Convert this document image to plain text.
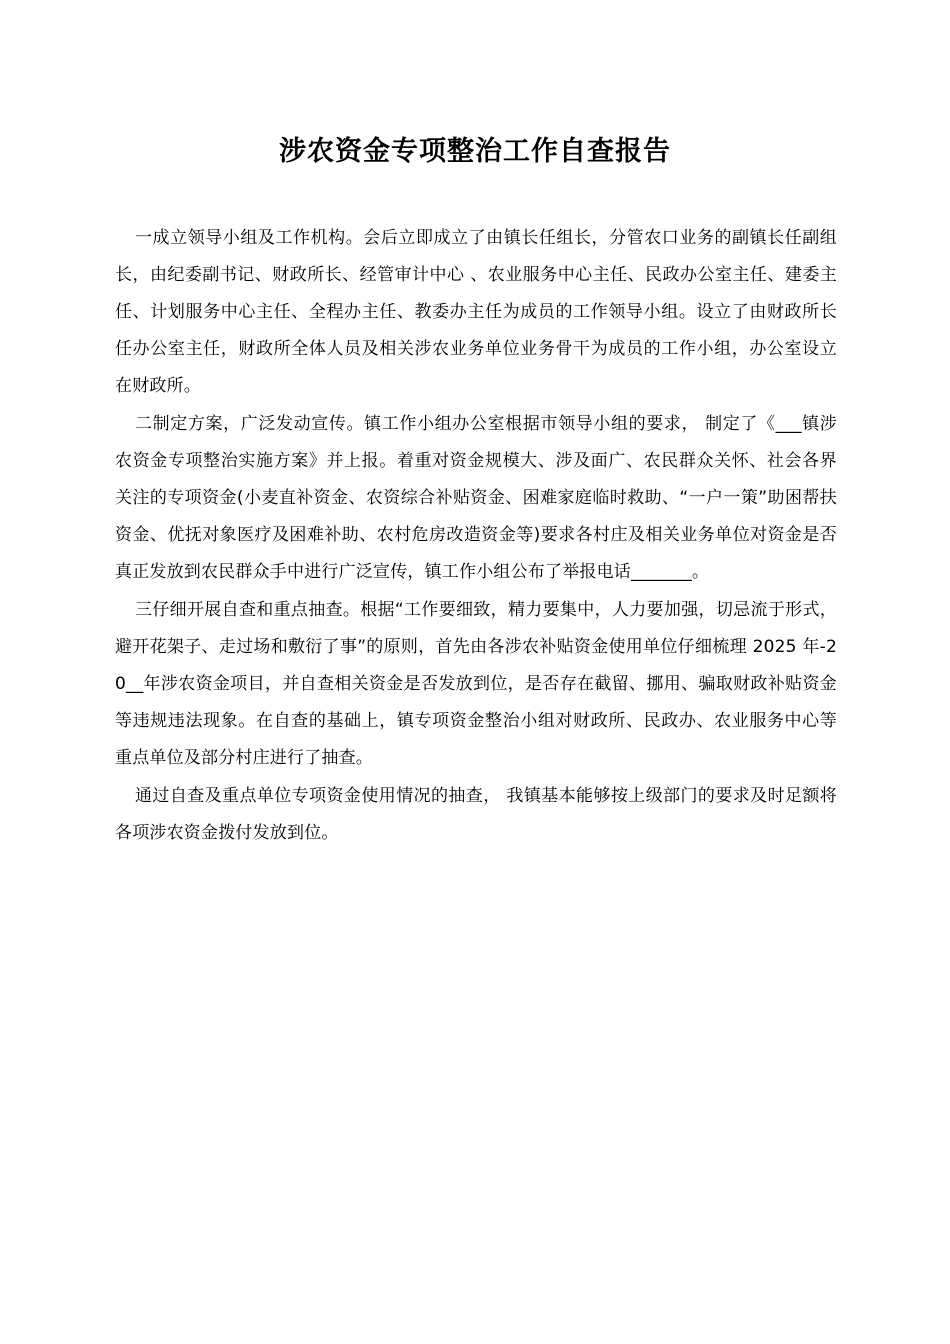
涉农资金专项整治工作自查报告

一成立领导小组及工作机构。会后立即成立了由镇长任组长，分管农口业务的副镇长任副组长，由纪委副书记、财政所长、经管审计中心 、农业服务中心主任、民政办公室主任、建委主任、计划服务中心主任、全程办主任、教委办主任为成员的工作领导小组。设立了由财政所长任办公室主任，财政所全体人员及相关涉农业务单位业务骨干为成员的工作小组，办公室设立在财政所。

二制定方案，广泛发动宣传。镇工作小组办公室根据市领导小组的要求， 制定了《___镇涉农资金专项整治实施方案》并上报。着重对资金规模大、涉及面广、农民群众关怀、社会各界关注的专项资金(小麦直补资金、农资综合补贴资金、困难家庭临时救助、“一户一策”助困帮扶资金、优抚对象医疗及困难补助、农村危房改造资金等)要求各村庄及相关业务单位对资金是否真正发放到农民群众手中进行广泛宣传，镇工作小组公布了举报电话_______。

三仔细开展自查和重点抽查。根据“工作要细致，精力要集中，人力要加强，切忌流于形式，避开花架子、走过场和敷衍了事”的原则，首先由各涉农补贴资金使用单位仔细梳理 2025 年-20__年涉农资金项目，并自查相关资金是否发放到位，是否存在截留、挪用、骗取财政补贴资金等违规违法现象。在自查的基础上，镇专项资金整治小组对财政所、民政办、农业服务中心等重点单位及部分村庄进行了抽查。

通过自查及重点单位专项资金使用情况的抽查， 我镇基本能够按上级部门的要求及时足额将各项涉农资金拨付发放到位。
